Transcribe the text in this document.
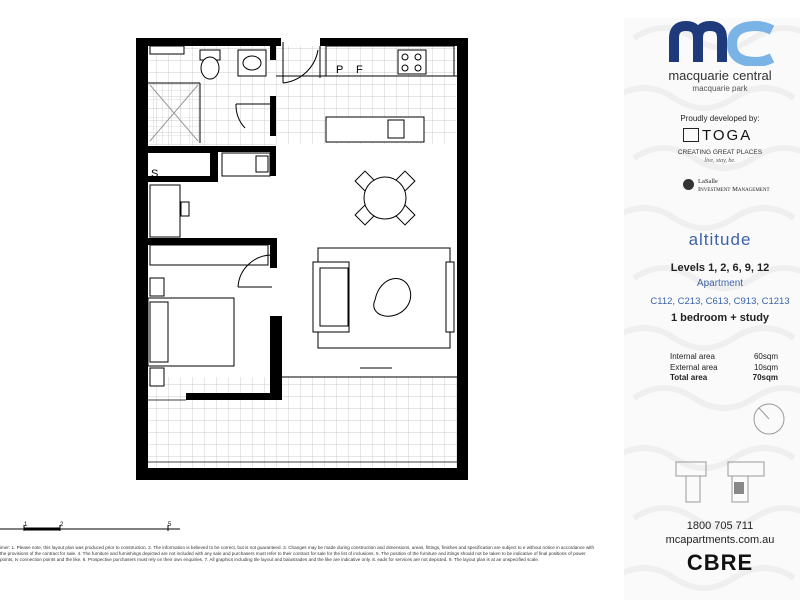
P F
S
1	2	5
imer: 1. Please note, this layout plan was produced prior to construction. 2. The information is believed to be correct, but is not guaranteed. 3. Changes may be made during construction and dimensions, areas, fittings, finishes and specification are subject to e without notice in accordance with the provisions of the contract for sale. 4. The furniture and furnishings depicted are not included with any sale and purchasers must refer to their contract for sale for the list of inclusions. 5. The position of the furniture and ittings should not be taken to be indicative of final positions of power points, tv connection points and the like. 6. Prospective purchasers must rely on their own enquiries. 7. All graphics including tile layout and balustrades and the like are indicative only. 8. eads for services are not depicted. 9. The layout plan is at an unspecified scale.
macquarie central
macquarie park
Proudly developed by:
TOGA
CREATING GREAT PLACES
live, stay, be.
LaSalle
Investment Management
altitude
Levels 1, 2, 6, 9, 12
Apartment
C112, C213, C613, C913, C1213
1 bedroom + study
Internal area	60sqm
External area	10sqm
Total area	70sqm
1800 705 711
mcapartments.com.au
CBRE
